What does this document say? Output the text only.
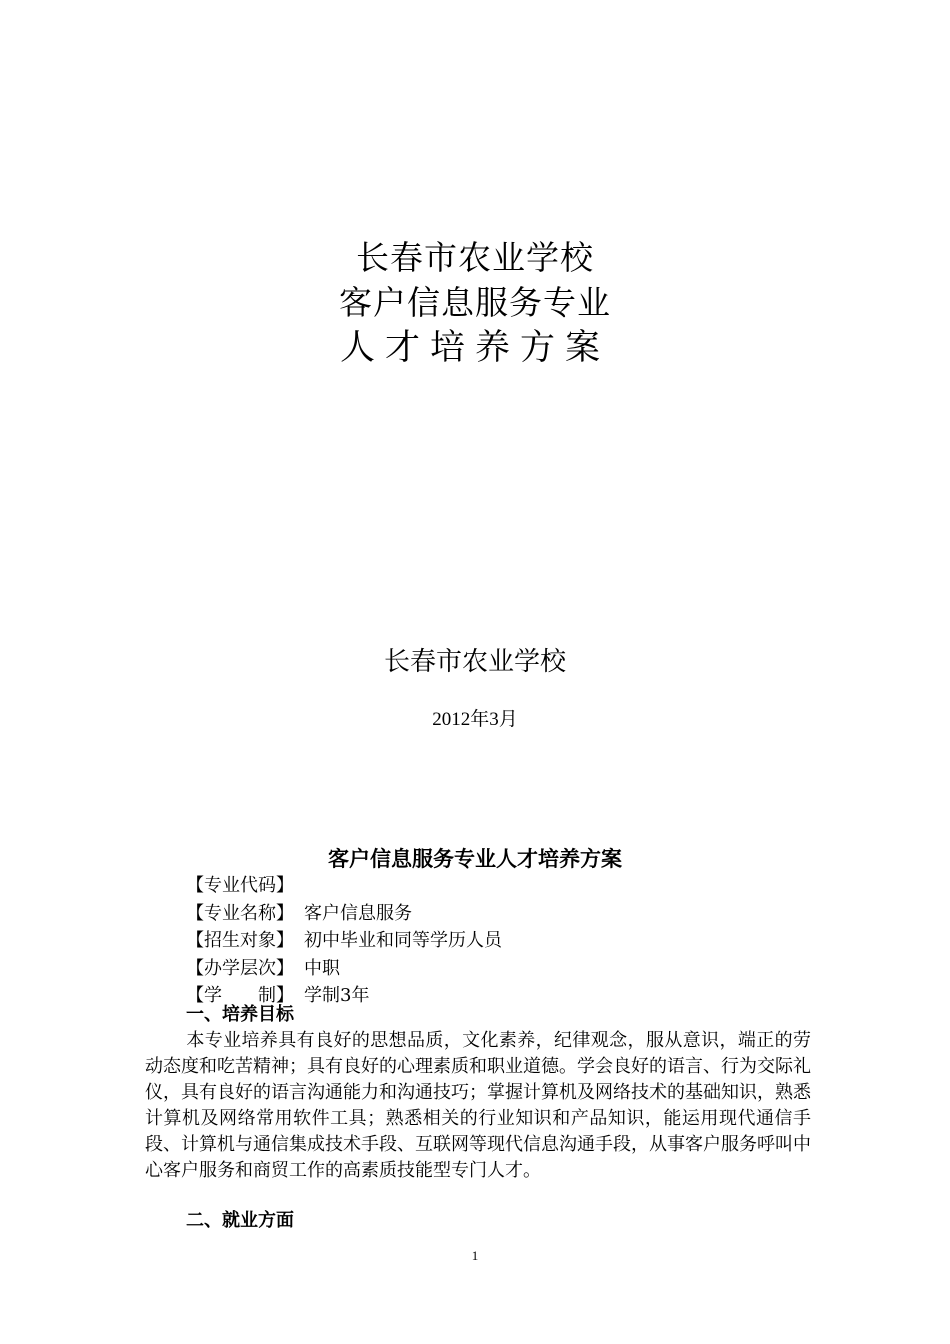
长春市农业学校
客户信息服务专业
人才培养方案
长春市农业学校
2012年3月
客户信息服务专业人才培养方案
【专业代码】
【专业名称】 客户信息服务
【招生对象】 初中毕业和同等学历人员
【办学层次】 中职
【学　　制】 学制3年
一、培养目标
本专业培养具有良好的思想品质，文化素养，纪律观念，服从意识，端正的劳动态度和吃苦精神；具有良好的心理素质和职业道德。学会良好的语言、行为交际礼仪，具有良好的语言沟通能力和沟通技巧；掌握计算机及网络技术的基础知识，熟悉计算机及网络常用软件工具；熟悉相关的行业知识和产品知识，能运用现代通信手段、计算机与通信集成技术手段、互联网等现代信息沟通手段，从事客户服务呼叫中心客户服务和商贸工作的高素质技能型专门人才。
二、就业方面
1
